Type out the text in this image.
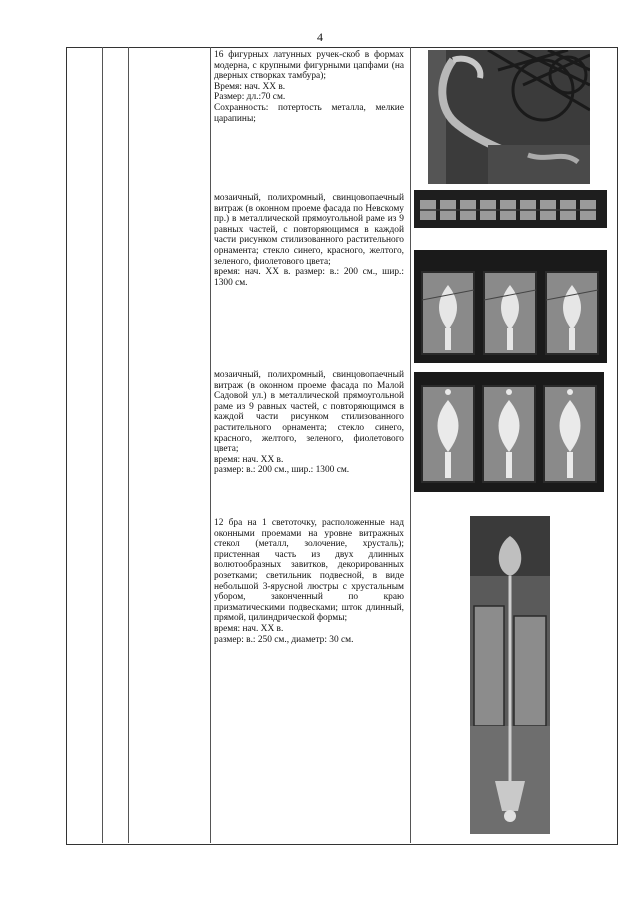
4

16 фигурных латунных ручек-скоб в формах модерна, с крупными фигурными цапфами (на дверных створках тамбура);

Время: нач. XX в.

Размер: дл.:70 см.

Сохранность: потертость металла, мелкие царапины;

мозаичный, полихромный, свинцовопаечный витраж (в оконном проеме фасада по Невскому пр.) в металлической прямоугольной раме из 9 равных частей, с повторяющимся в каждой части рисунком стилизованного растительного орнамента; стекло синего, красного, желтого, зеленого, фиолетового цвета;

время: нач. XX в. размер: в.: 200 см., шир.: 1300 см.

мозаичный, полихромный, свинцовопаечный витраж (в оконном проеме фасада по Малой Садовой ул.) в металлической прямоугольной раме из 9 равных частей, с повторяющимся в каждой части рисунком стилизованного растительного орнамента; стекло синего, красного, желтого, зеленого, фиолетового цвета;

время: нач. XX в.

размер: в.: 200 см., шир.: 1300 см.

12 бра на 1 светоточку, расположенные над оконными проемами на уровне витражных стекол (металл, золочение, хрусталь); пристенная часть из двух длинных волютообразных завитков, декорированных розетками; светильник подвесной, в виде небольшой 3-ярусной люстры с хрустальным убором, законченный по краю призматическими подвесками; шток длинный, прямой, цилиндрической формы;

время: нач. XX в.

размер: в.: 250 см., диаметр: 30 см.
